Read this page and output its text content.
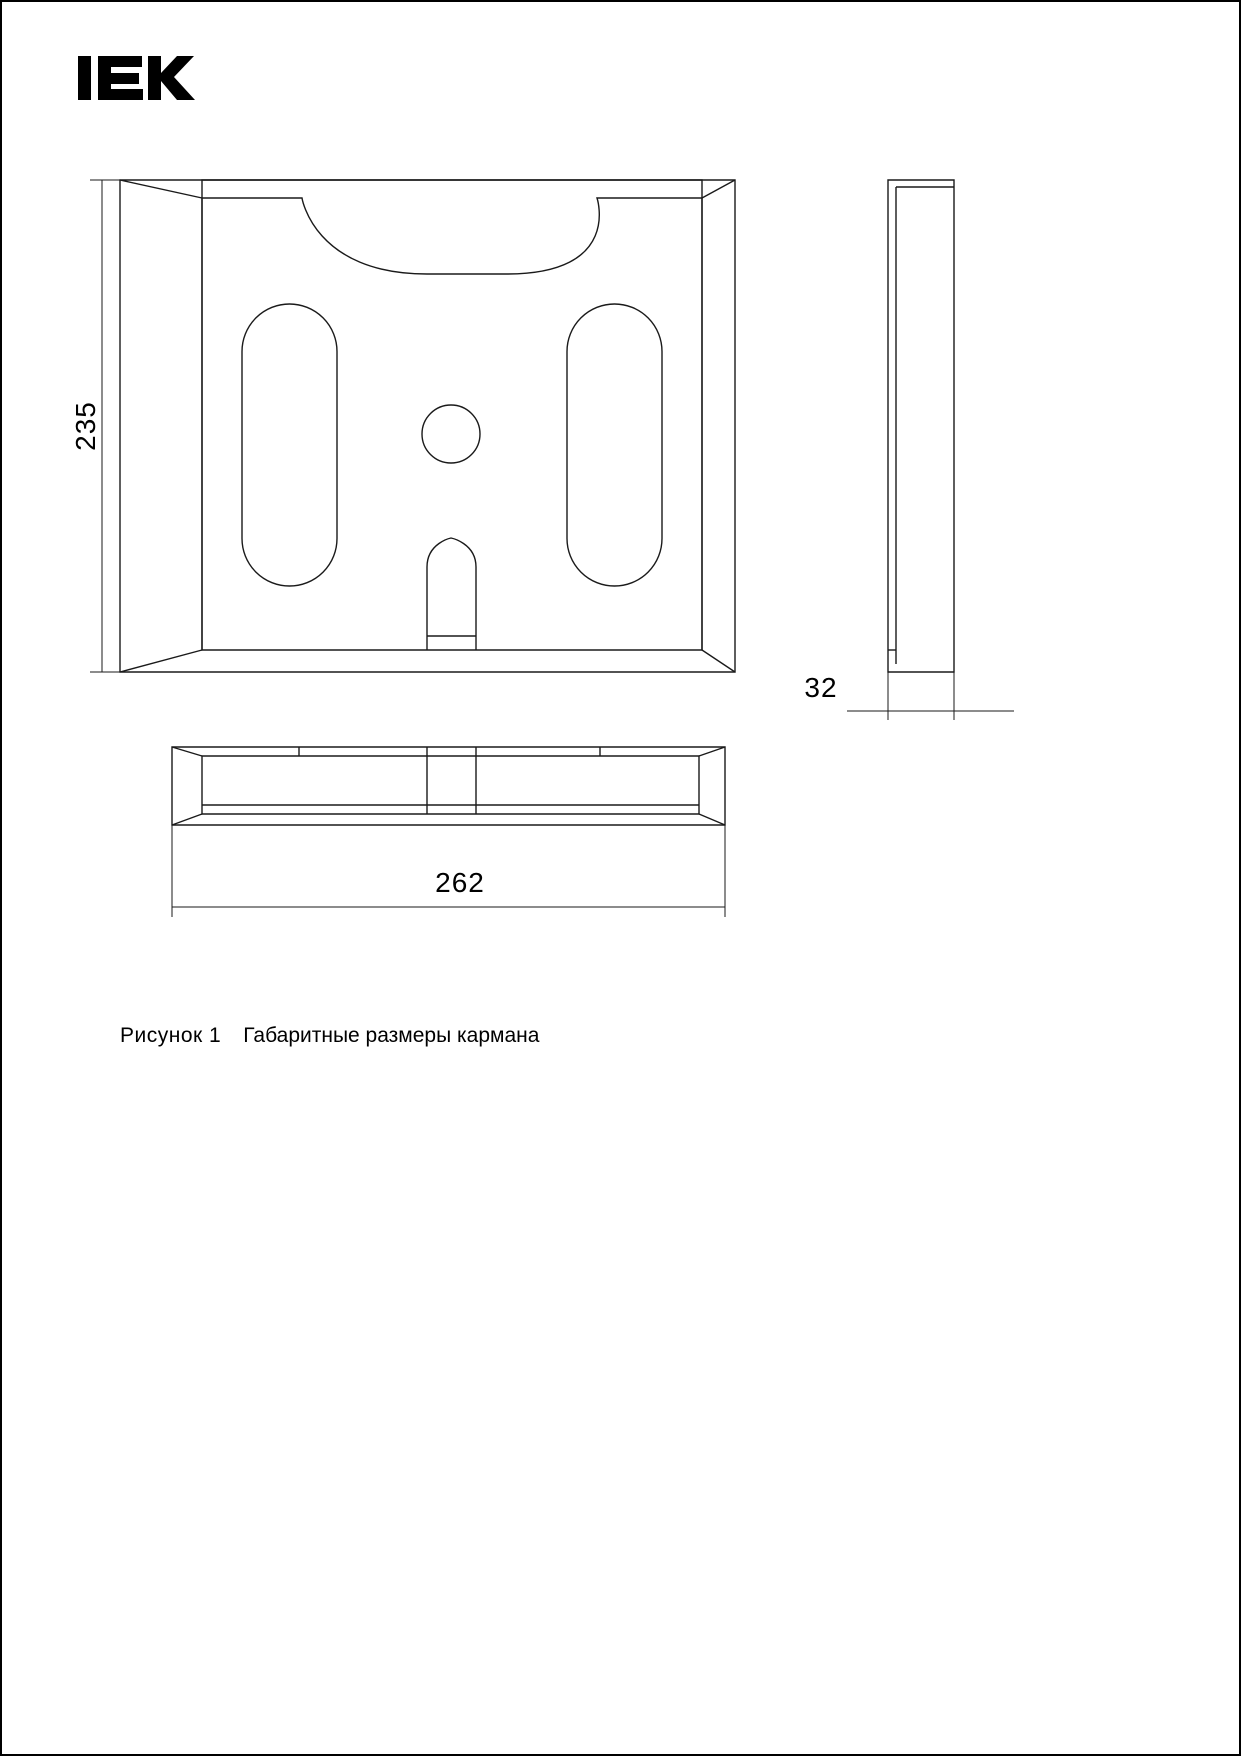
235
262
32
Рисунок 1 Габаритные размеры кармана
